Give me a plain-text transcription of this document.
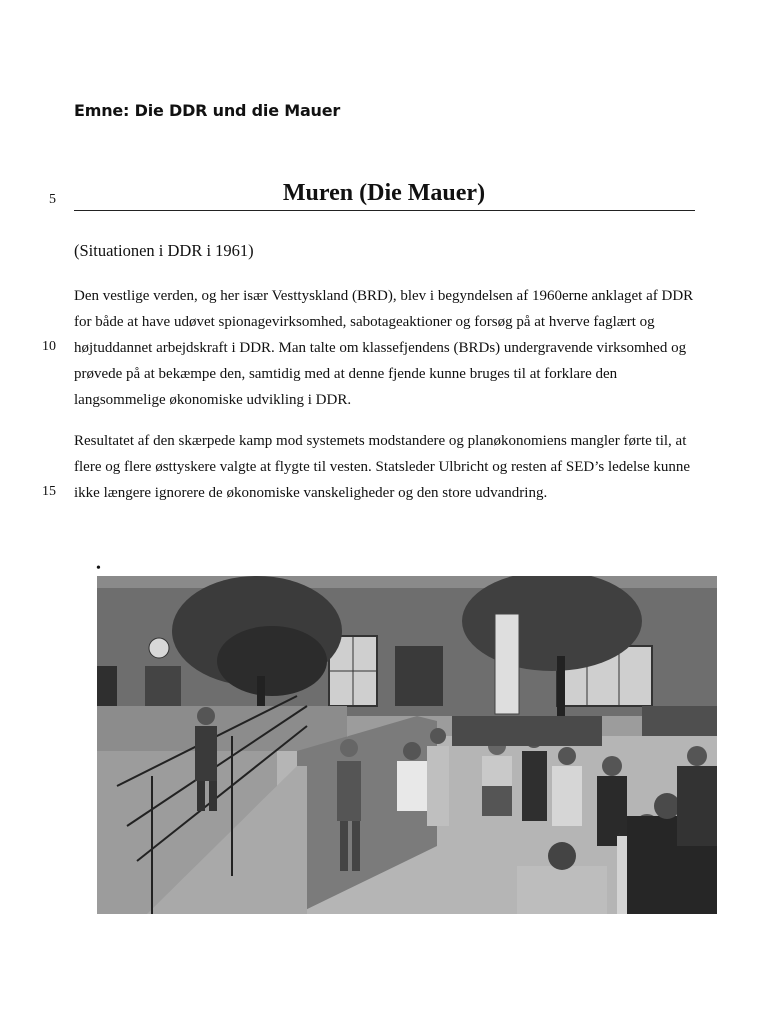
Emne: Die DDR und die Mauer
5	Muren (Die Mauer)
(Situationen i DDR i 1961)

Den vestlige verden, og her især Vesttyskland (BRD), blev i begyndelsen af 1960erne anklaget af DDR for både at have udøvet spionagevirksomhed, sabotageaktioner og forsøg på at hverve faglært og højtuddannet arbejdskraft i DDR. Man talte om klassefjendens (BRDs) undergravende virksomhed og prøvede på at bekæmpe den, samtidig med at denne fjende kunne bruges til at forklare den langsommelige økonomiske udvikling i DDR.

10

Resultatet af den skærpede kamp mod systemets modstandere og planøkonomiens mangler førte til, at flere og flere østtyskere valgte at flygte til vesten. Statsleder Ulbricht og resten af SED’s ledelse kunne ikke længere ignorere de økonomiske vanskeligheder og den store udvandring.

15
•
